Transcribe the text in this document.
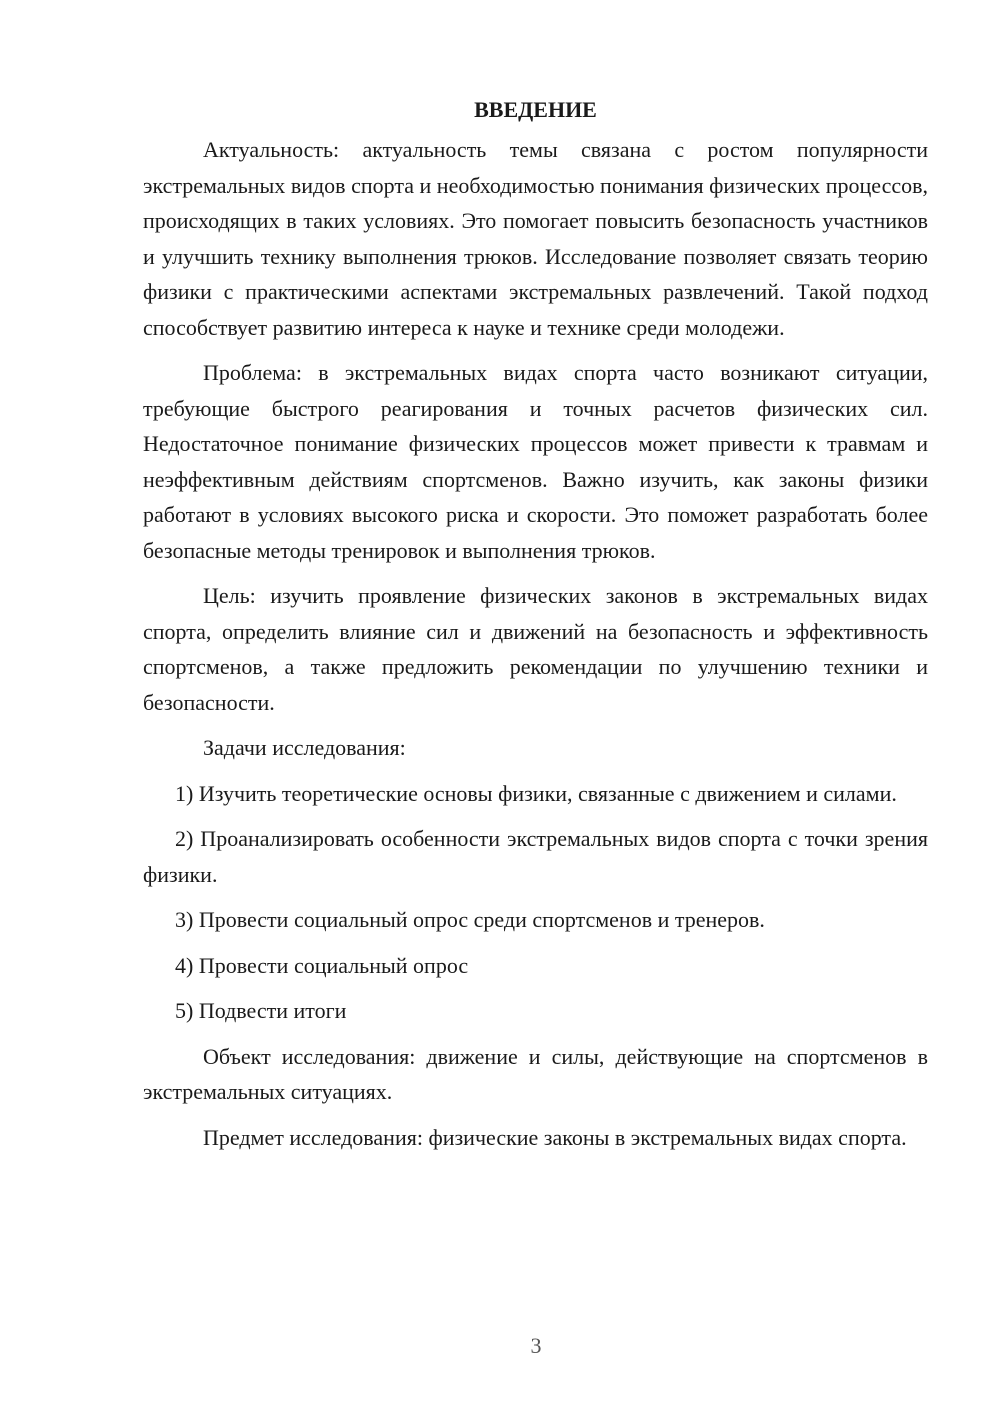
ВВЕДЕНИЕ

Актуальность: актуальность темы связана с ростом популярности экстремальных видов спорта и необходимостью понимания физических процессов, происходящих в таких условиях. Это помогает повысить безопасность участников и улучшить технику выполнения трюков. Исследование позволяет связать теорию физики с практическими аспектами экстремальных развлечений. Такой подход способствует развитию интереса к науке и технике среди молодежи.

Проблема: в экстремальных видах спорта часто возникают ситуации, требующие быстрого реагирования и точных расчетов физических сил. Недостаточное понимание физических процессов может привести к травмам и неэффективным действиям спортсменов. Важно изучить, как законы физики работают в условиях высокого риска и скорости. Это поможет разработать более безопасные методы тренировок и выполнения трюков.

Цель: изучить проявление физических законов в экстремальных видах спорта, определить влияние сил и движений на безопасность и эффективность спортсменов, а также предложить рекомендации по улучшению техники и безопасности.

Задачи исследования:

1) Изучить теоретические основы физики, связанные с движением и силами.

2) Проанализировать особенности экстремальных видов спорта с точки зрения физики.

3) Провести социальный опрос среди спортсменов и тренеров.

4) Провести социальный опрос

5) Подвести итоги

Объект исследования: движение и силы, действующие на спортсменов в экстремальных ситуациях.

Предмет исследования: физические законы в экстремальных видах спорта.

3
